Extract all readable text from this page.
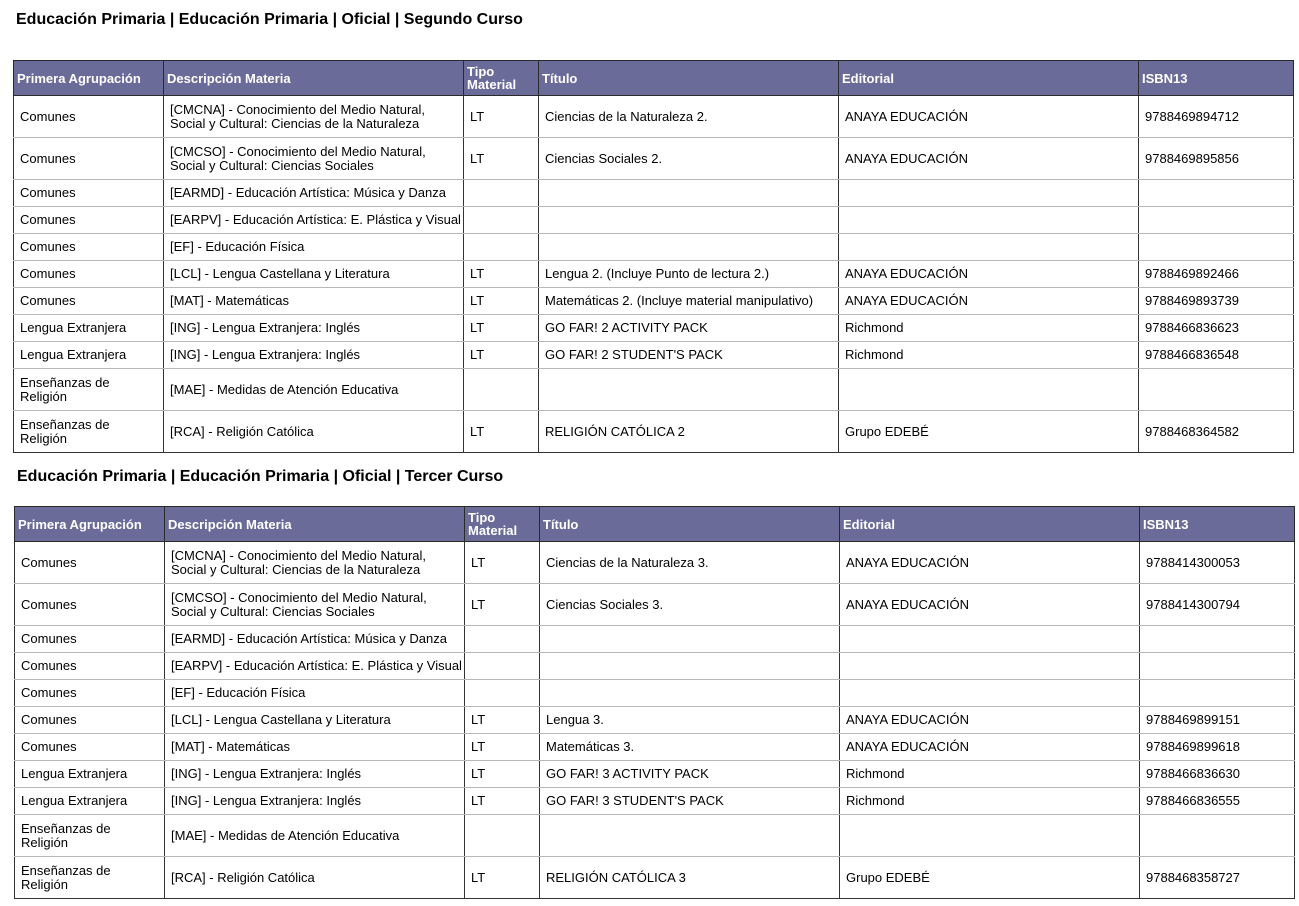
Educación Primaria | Educación Primaria | Oficial | Segundo Curso
Primera Agrupación	Descripción Materia	Tipo Material	Título	Editorial	ISBN13
Comunes	[CMCNA] - Conocimiento del Medio Natural, Social y Cultural: Ciencias de la Naturaleza	LT	Ciencias de la Naturaleza 2.	ANAYA EDUCACIÓN	9788469894712
Comunes	[CMCSO] - Conocimiento del Medio Natural, Social y Cultural: Ciencias Sociales	LT	Ciencias Sociales 2.	ANAYA EDUCACIÓN	9788469895856
Comunes	[EARMD] - Educación Artística: Música y Danza				
Comunes	[EARPV] - Educación Artística: E. Plástica y Visual				
Comunes	[EF] - Educación Física				
Comunes	[LCL] - Lengua Castellana y Literatura	LT	Lengua 2. (Incluye Punto de lectura 2.)	ANAYA EDUCACIÓN	9788469892466
Comunes	[MAT] - Matemáticas	LT	Matemáticas 2. (Incluye material manipulativo)	ANAYA EDUCACIÓN	9788469893739
Lengua Extranjera	[ING] - Lengua Extranjera: Inglés	LT	GO FAR! 2 ACTIVITY PACK	Richmond	9788466836623
Lengua Extranjera	[ING] - Lengua Extranjera: Inglés	LT	GO FAR! 2 STUDENT'S PACK	Richmond	9788466836548
Enseñanzas de Religión	[MAE] - Medidas de Atención Educativa				
Enseñanzas de Religión	[RCA] - Religión Católica	LT	RELIGIÓN CATÓLICA 2	Grupo EDEBÉ	9788468364582
Educación Primaria | Educación Primaria | Oficial | Tercer Curso
Primera Agrupación	Descripción Materia	Tipo Material	Título	Editorial	ISBN13
Comunes	[CMCNA] - Conocimiento del Medio Natural, Social y Cultural: Ciencias de la Naturaleza	LT	Ciencias de la Naturaleza 3.	ANAYA EDUCACIÓN	9788414300053
Comunes	[CMCSO] - Conocimiento del Medio Natural, Social y Cultural: Ciencias Sociales	LT	Ciencias Sociales 3.	ANAYA EDUCACIÓN	9788414300794
Comunes	[EARMD] - Educación Artística: Música y Danza				
Comunes	[EARPV] - Educación Artística: E. Plástica y Visual				
Comunes	[EF] - Educación Física				
Comunes	[LCL] - Lengua Castellana y Literatura	LT	Lengua 3.	ANAYA EDUCACIÓN	9788469899151
Comunes	[MAT] - Matemáticas	LT	Matemáticas 3.	ANAYA EDUCACIÓN	9788469899618
Lengua Extranjera	[ING] - Lengua Extranjera: Inglés	LT	GO FAR! 3 ACTIVITY PACK	Richmond	9788466836630
Lengua Extranjera	[ING] - Lengua Extranjera: Inglés	LT	GO FAR! 3 STUDENT'S PACK	Richmond	9788466836555
Enseñanzas de Religión	[MAE] - Medidas de Atención Educativa				
Enseñanzas de Religión	[RCA] - Religión Católica	LT	RELIGIÓN CATÓLICA 3	Grupo EDEBÉ	9788468358727
